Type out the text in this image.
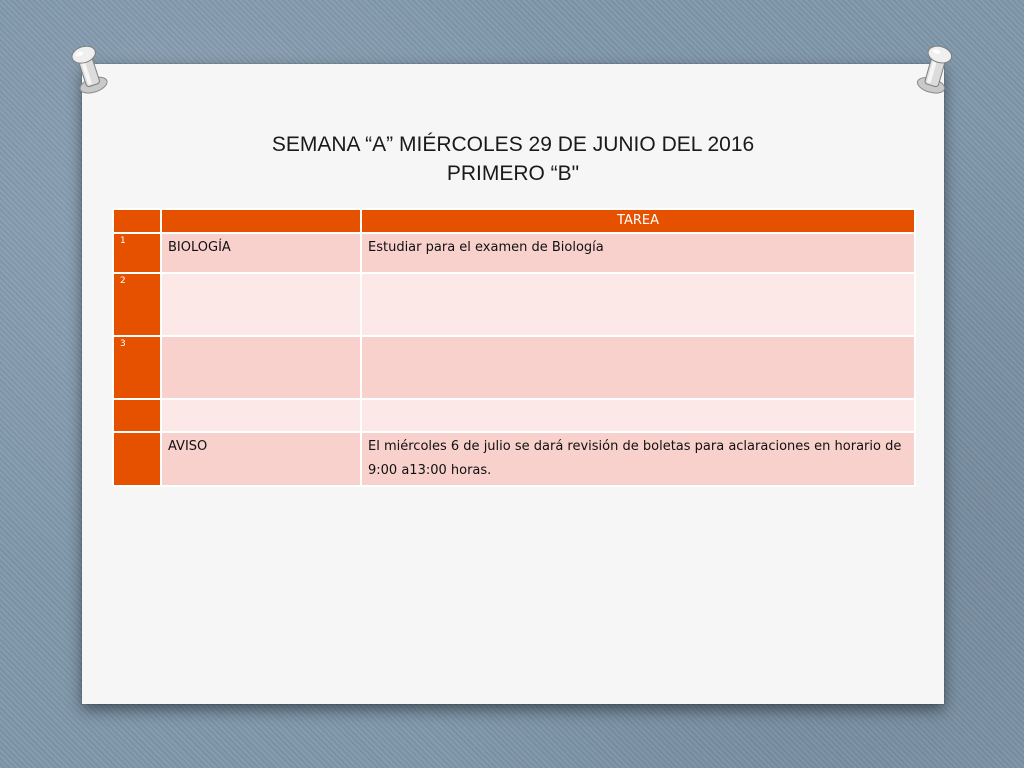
SEMANA “A” MIÉRCOLES 29 DE JUNIO DEL 2016
PRIMERO “B"
		TAREA
1	BIOLOGÍA	Estudiar para el examen de Biología
2		
3		

	AVISO	El miércoles 6 de julio se dará revisión de boletas para aclaraciones en horario de 9:00 a13:00 horas.
